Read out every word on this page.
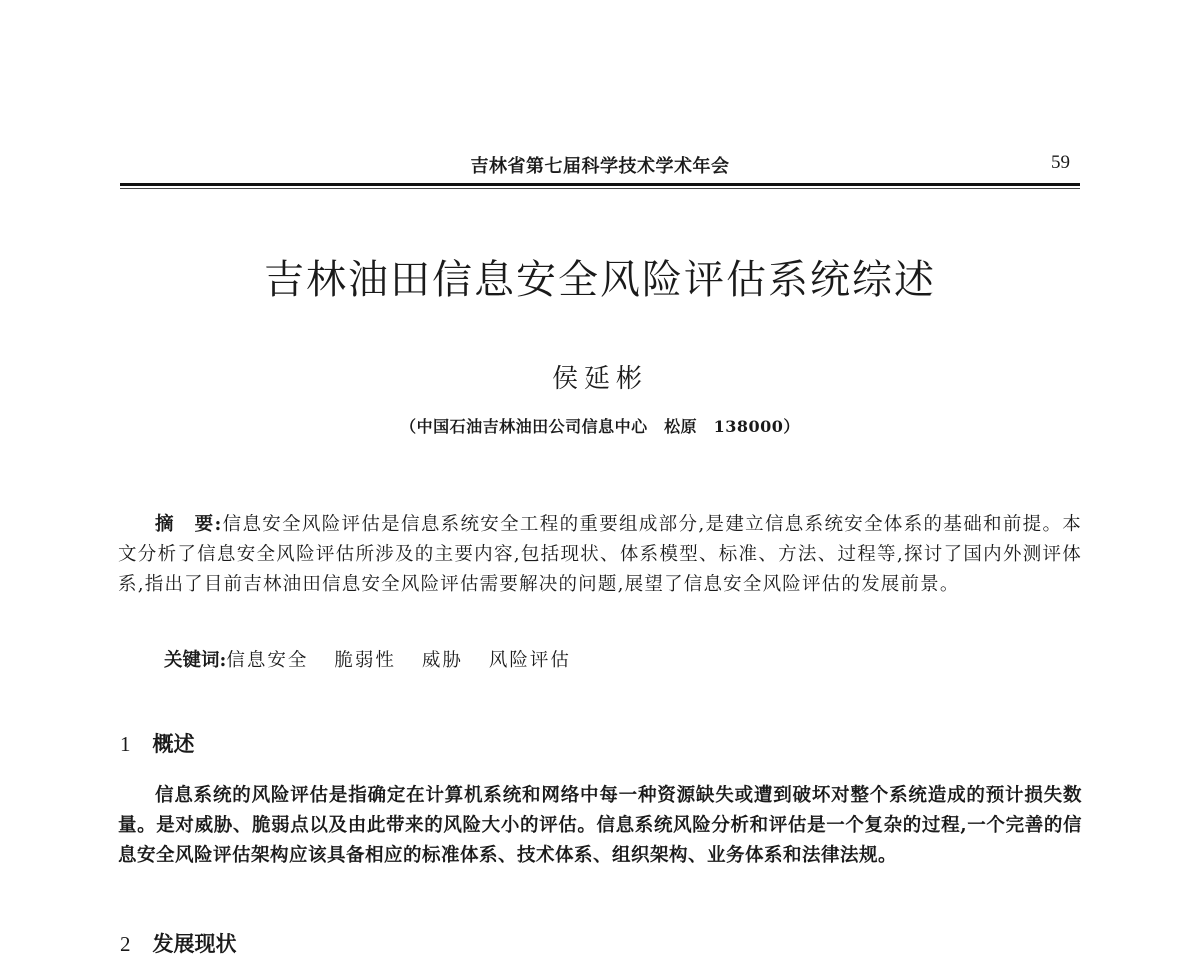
吉林省第七届科学技术学术年会	59
吉林油田信息安全风险评估系统综述
侯延彬
（中国石油吉林油田公司信息中心　松原　138000）
摘　要:信息安全风险评估是信息系统安全工程的重要组成部分,是建立信息系统安全体系的基础和前提。本文分析了信息安全风险评估所涉及的主要内容,包括现状、体系模型、标准、方法、过程等,探讨了国内外测评体系,指出了目前吉林油田信息安全风险评估需要解决的问题,展望了信息安全风险评估的发展前景。
关键词:信息安全 脆弱性 威胁 风险评估
1 概述
信息系统的风险评估是指确定在计算机系统和网络中每一种资源缺失或遭到破坏对整个系统造成的预计损失数量。是对威胁、脆弱点以及由此带来的风险大小的评估。信息系统风险分析和评估是一个复杂的过程,一个完善的信息安全风险评估架构应该具备相应的标准体系、技术体系、组织架构、业务体系和法律法规。
2 发展现状
